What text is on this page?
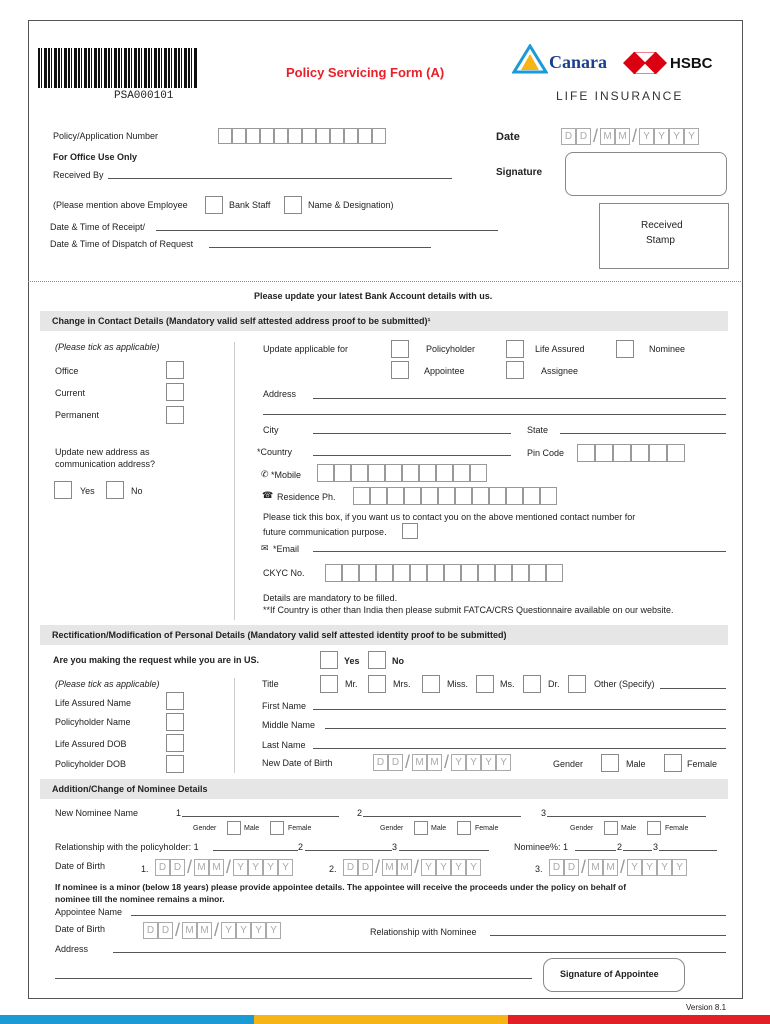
PSA000101
Policy Servicing Form (A)
Canara	HSBC
LIFE INSURANCE
Policy/Application Number	Date	D D / M M / Y Y Y Y
For Office Use Only
Received By	Signature
(Please mention above Employee	Bank Staff	Name & Designation)
Date & Time of Receipt/
Date & Time of Dispatch of Request
Received
Stamp
Please update your latest Bank Account details with us.
Change in Contact Details (Mandatory valid self attested address proof to be submitted)¹
(Please tick as applicable)
Office
Current
Permanent
Update new address as
communication address?
Yes	No
Update applicable for	Policyholder	Life Assured	Nominee
Appointee	Assignee
Address
City	State
*Country	Pin Code
✆ *Mobile
☎ Residence Ph.
Please tick this box, if you want us to contact you on the above mentioned contact number for
future communication purpose.
✉ *Email
CKYC No.
Details are mandatory to be filled.
**If Country is other than India then please submit FATCA/CRS Questionnaire available on our website.
Rectification/Modification of Personal Details (Mandatory valid self attested identity proof to be submitted)
Are you making the request while you are in US.	Yes	No
(Please tick as applicable)
Life Assured Name
Policyholder Name
Life Assured DOB
Policyholder DOB
Title	Mr.	Mrs.	Miss.	Ms.	Dr.	Other (Specify)
First Name
Middle Name
Last Name
New Date of Birth	D D / M M / Y Y Y Y	Gender	Male	Female
Addition/Change of Nominee Details
New Nominee Name	1	2	3
Gender	Male	Female	Gender	Male	Female	Gender	Male	Female
Relationship with the policyholder: 1	2	3	Nominee%: 1	2	3
Date of Birth	1.	D D / M M / Y Y Y Y	2.	D D / M M / Y Y Y Y	3.	D D / M M / Y Y Y Y
If nominee is a minor (below 18 years) please provide appointee details. The appointee will receive the proceeds under the policy on behalf of
nominee till the nominee remains a minor.
Appointee Name
Date of Birth	D D / M M / Y Y Y Y	Relationship with Nominee
Address
Signature of Appointee
Version 8.1
